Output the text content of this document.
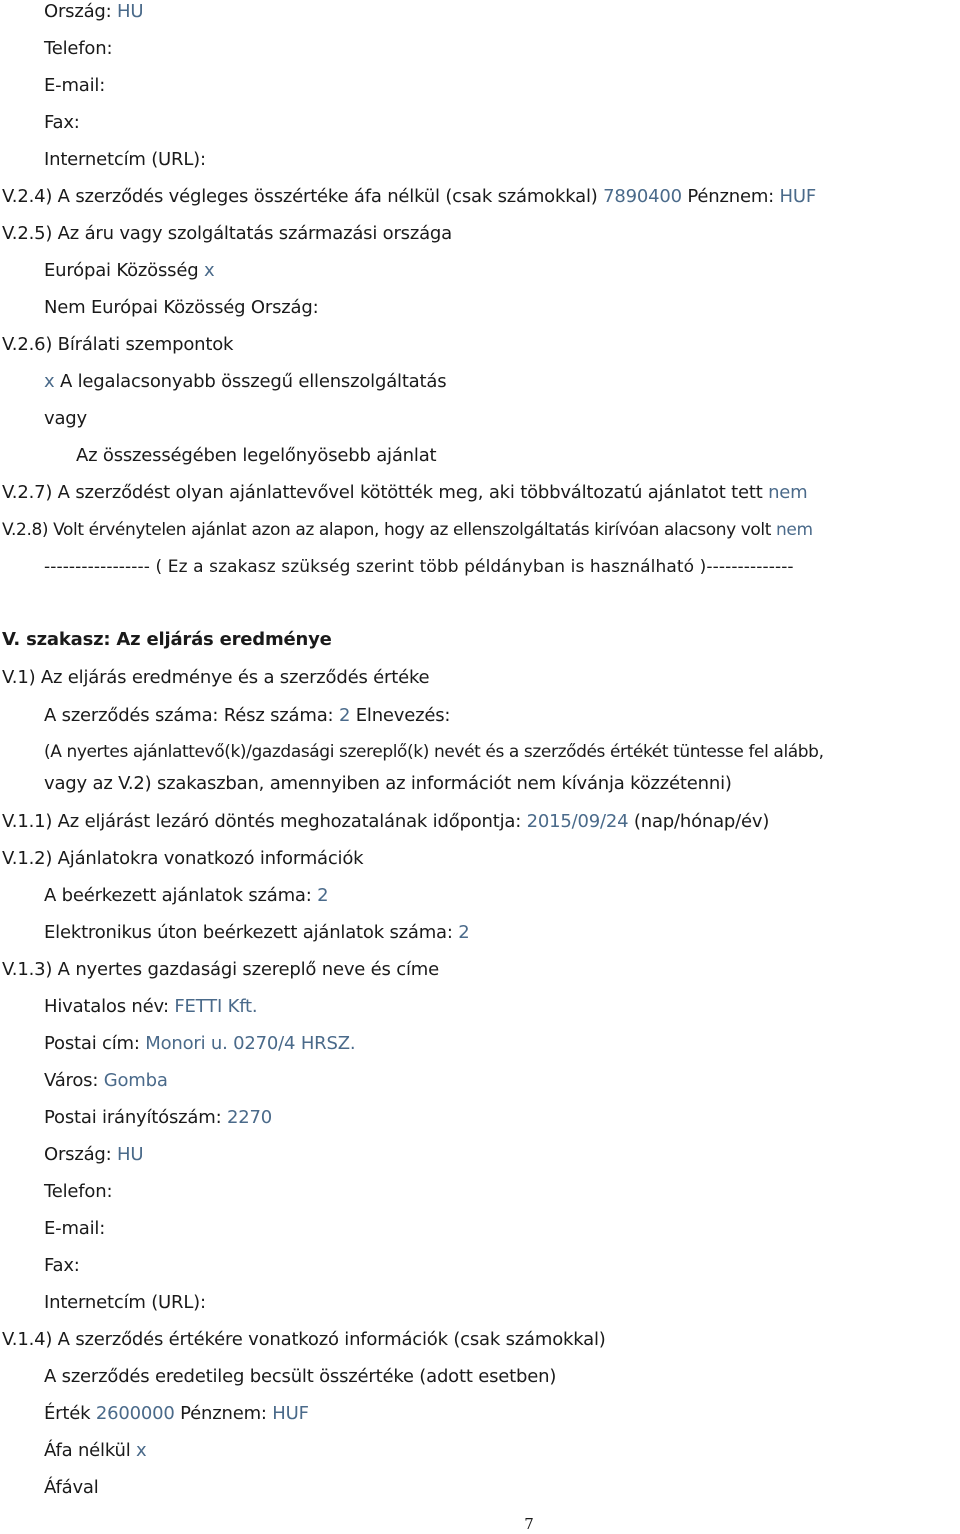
Ország: HU
Telefon:
E-mail:
Fax:
Internetcím (URL):
V.2.4) A szerződés végleges összértéke áfa nélkül (csak számokkal) 7890400 Pénznem: HUF
V.2.5) Az áru vagy szolgáltatás származási országa
Európai Közösség x
Nem Európai Közösség Ország:
V.2.6) Bírálati szempontok
x A legalacsonyabb összegű ellenszolgáltatás
vagy
Az összességében legelőnyösebb ajánlat
V.2.7) A szerződést olyan ajánlattevővel kötötték meg, aki többváltozatú ajánlatot tett nem
V.2.8) Volt érvénytelen ajánlat azon az alapon, hogy az ellenszolgáltatás kirívóan alacsony volt nem
----------------- ( Ez a szakasz szükség szerint több példányban is használható )--------------
V. szakasz: Az eljárás eredménye
V.1) Az eljárás eredménye és a szerződés értéke
A szerződés száma: Rész száma: 2 Elnevezés:
(A nyertes ajánlattevő(k)/gazdasági szereplő(k) nevét és a szerződés értékét tüntesse fel alább,
vagy az V.2) szakaszban, amennyiben az információt nem kívánja közzétenni)
V.1.1) Az eljárást lezáró döntés meghozatalának időpontja: 2015/09/24 (nap/hónap/év)
V.1.2) Ajánlatokra vonatkozó információk
A beérkezett ajánlatok száma: 2
Elektronikus úton beérkezett ajánlatok száma: 2
V.1.3) A nyertes gazdasági szereplő neve és címe
Hivatalos név: FETTI Kft.
Postai cím: Monori u. 0270/4 HRSZ.
Város: Gomba
Postai irányítószám: 2270
Ország: HU
Telefon:
E-mail:
Fax:
Internetcím (URL):
V.1.4) A szerződés értékére vonatkozó információk (csak számokkal)
A szerződés eredetileg becsült összértéke (adott esetben)
Érték 2600000 Pénznem: HUF
Áfa nélkül x
Áfával
7
